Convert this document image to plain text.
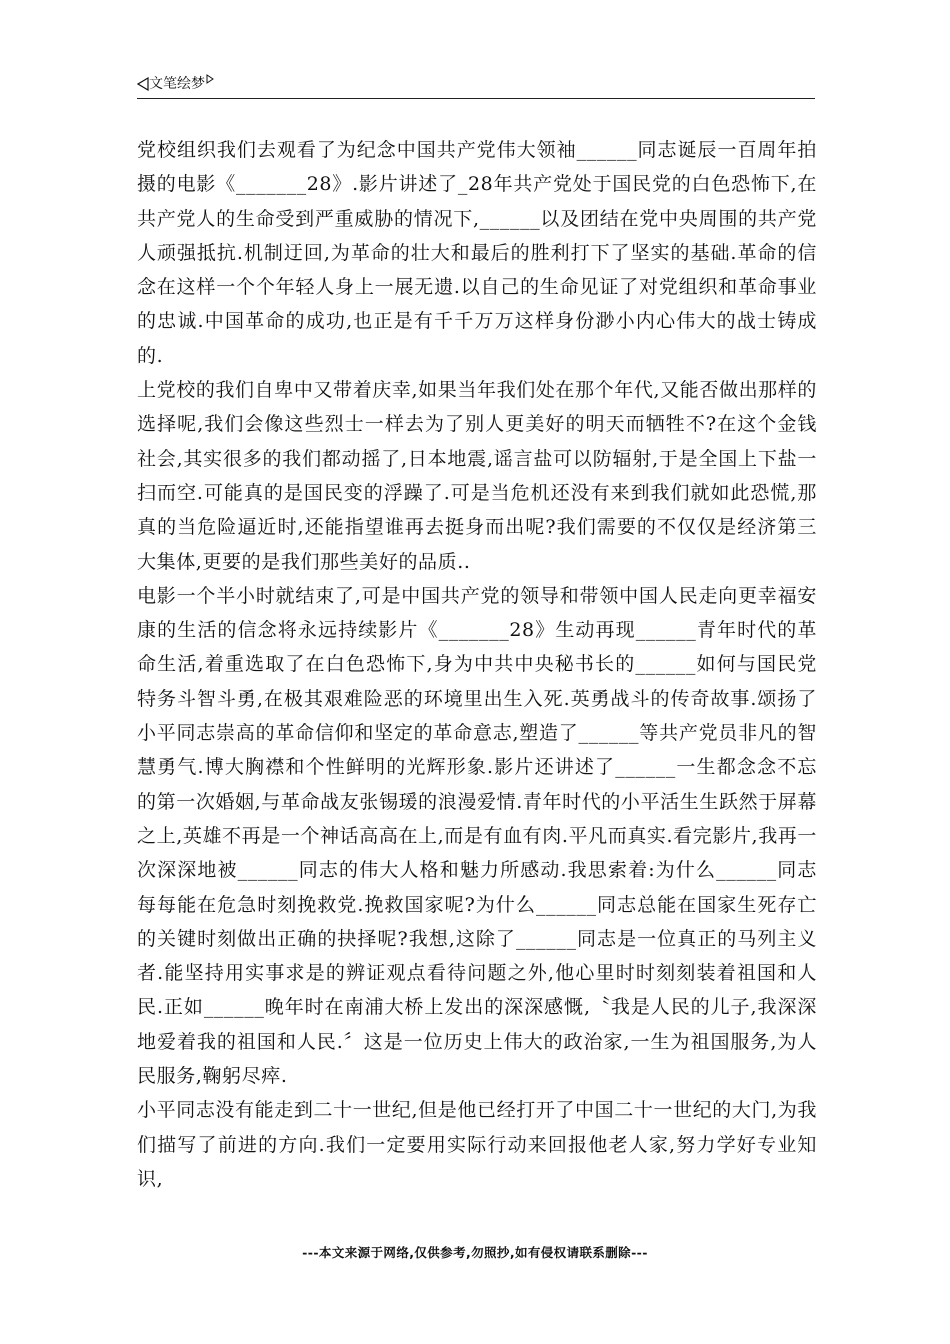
文笔绘梦

党校组织我们去观看了为纪念中国共产党伟大领袖______同志诞辰一百周年拍摄的电影《_______28》.影片讲述了_28年共产党处于国民党的白色恐怖下,在共产党人的生命受到严重威胁的情况下,______以及团结在党中央周围的共产党人顽强抵抗.机制迂回,为革命的壮大和最后的胜利打下了坚实的基础.革命的信念在这样一个个年轻人身上一展无遗.以自己的生命见证了对党组织和革命事业的忠诚.中国革命的成功,也正是有千千万万这样身份渺小内心伟大的战士铸成的.

上党校的我们自卑中又带着庆幸,如果当年我们处在那个年代,又能否做出那样的选择呢,我们会像这些烈士一样去为了别人更美好的明天而牺牲不?在这个金钱社会,其实很多的我们都动摇了,日本地震,谣言盐可以防辐射,于是全国上下盐一扫而空.可能真的是国民变的浮躁了.可是当危机还没有来到我们就如此恐慌,那真的当危险逼近时,还能指望谁再去挺身而出呢?我们需要的不仅仅是经济第三大集体,更要的是我们那些美好的品质..

电影一个半小时就结束了,可是中国共产党的领导和带领中国人民走向更幸福安康的生活的信念将永远持续影片《_______28》生动再现______青年时代的革命生活,着重选取了在白色恐怖下,身为中共中央秘书长的______如何与国民党特务斗智斗勇,在极其艰难险恶的环境里出生入死.英勇战斗的传奇故事.颂扬了小平同志崇高的革命信仰和坚定的革命意志,塑造了______等共产党员非凡的智慧勇气.博大胸襟和个性鲜明的光辉形象.影片还讲述了______一生都念念不忘的第一次婚姻,与革命战友张锡瑗的浪漫爱情.青年时代的小平活生生跃然于屏幕之上,英雄不再是一个神话高高在上,而是有血有肉.平凡而真实.看完影片,我再一次深深地被______同志的伟大人格和魅力所感动.我思索着:为什么______同志每每能在危急时刻挽救党.挽救国家呢?为什么______同志总能在国家生死存亡的关键时刻做出正确的抉择呢?我想,这除了______同志是一位真正的马列主义者.能坚持用实事求是的辨证观点看待问题之外,他心里时时刻刻装着祖国和人民.正如______晚年时在南浦大桥上发出的深深感慨,〝我是人民的儿子,我深深地爱着我的祖国和人民.〞这是一位历史上伟大的政治家,一生为祖国服务,为人民服务,鞠躬尽瘁.

小平同志没有能走到二十一世纪,但是他已经打开了中国二十一世纪的大门,为我们描写了前进的方向.我们一定要用实际行动来回报他老人家,努力学好专业知识,

---本文来源于网络,仅供参考,勿照抄,如有侵权请联系删除---
